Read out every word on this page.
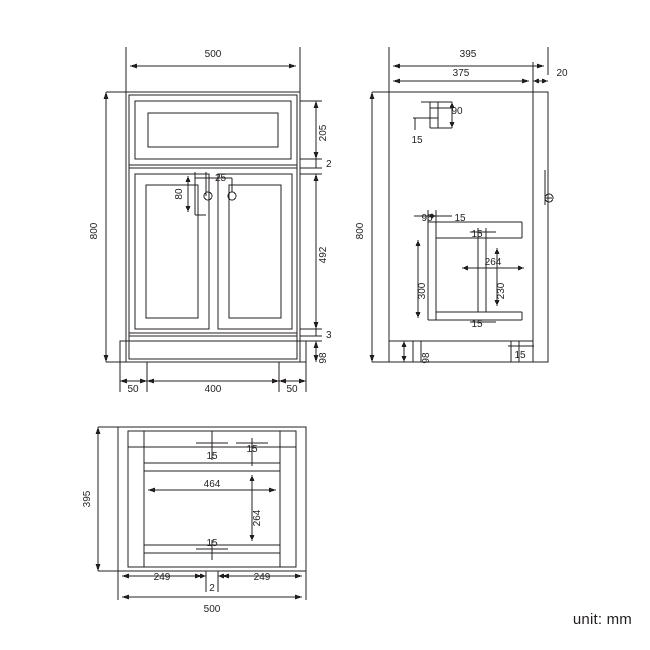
500
800
205
2
25
80
492
3
98
50	400	50
395
375	20
90
15
800
96 15
15
264
300	230
15
98	15
395
15
15
464
264
15
249
2
249
500
unit: mm
